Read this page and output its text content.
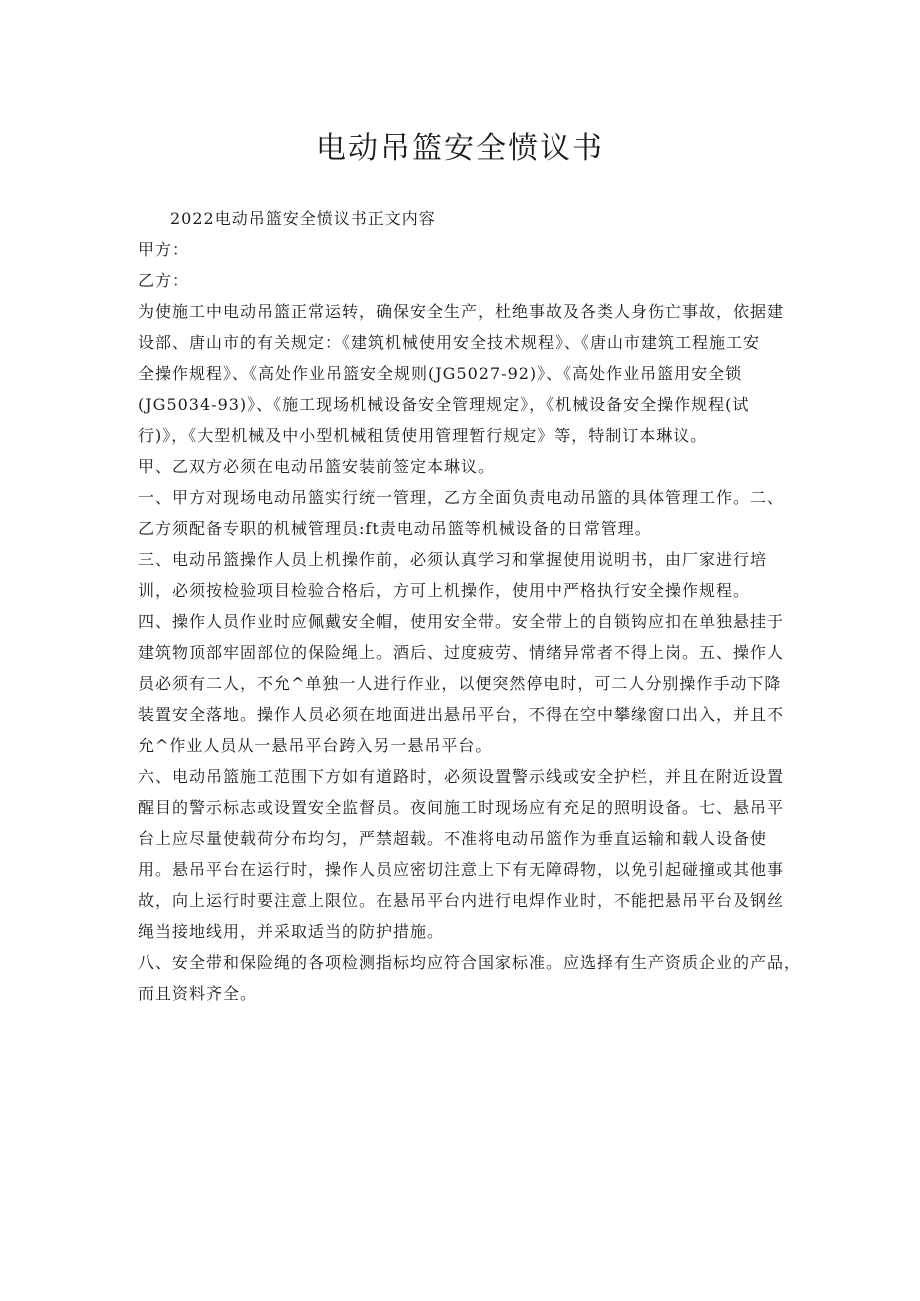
电动吊篮安全愤议书

2022电动吊篮安全愤议书正文内容

甲方：

乙方：

为使施工中电动吊篮正常运转，确保安全生产，杜绝事故及各类人身伤亡事故，依据建

设部、唐山市的有关规定：《建筑机械使用安全技术规程》、《唐山市建筑工程施工安

全操作规程》、《高处作业吊篮安全规则(JG5027-92)》、《高处作业吊篮用安全锁

(JG5034-93)》、《施工现场机械设备安全管理规定》，《机械设备安全操作规程(试

行)》，《大型机械及中小型机械租赁使用管理暂行规定》等，特制订本琳议。

甲、乙双方必须在电动吊篮安装前签定本琳议。

一、甲方对现场电动吊篮实行统一管理，乙方全面负责电动吊篮的具体管理工作。二、

乙方须配备专职的机械管理员:ft责电动吊篮等机械设备的日常管理。

三、电动吊篮操作人员上机操作前，必须认真学习和掌握使用说明书，由厂家进行培

训，必须按检验项目检验合格后，方可上机操作，使用中严格执行安全操作规程。

四、操作人员作业时应佩戴安全帽，使用安全带。安全带上的自锁钩应扣在单独悬挂于

建筑物顶部牢固部位的保险绳上。酒后、过度疲劳、情绪异常者不得上岗。五、操作人

员必须有二人，不允^单独一人进行作业，以便突然停电时，可二人分别操作手动下降

装置安全落地。操作人员必须在地面进出悬吊平台，不得在空中攀缘窗口出入，并且不

允^作业人员从一悬吊平台跨入另一悬吊平台。

六、电动吊篮施工范围下方如有道路时，必须设置警示线或安全护栏，并且在附近设置

醒目的警示标志或设置安全监督员。夜间施工时现场应有充足的照明设备。七、悬吊平

台上应尽量使载荷分布均匀，严禁超载。不准将电动吊篮作为垂直运输和载人设备使

用。悬吊平台在运行时，操作人员应密切注意上下有无障碍物，以免引起碰撞或其他事

故，向上运行时要注意上限位。在悬吊平台内进行电焊作业时，不能把悬吊平台及钢丝

绳当接地线用，并采取适当的防护措施。

八、安全带和保险绳的各项检测指标均应符合国家标准。应选择有生产资质企业的产品，

而且资料齐全。
